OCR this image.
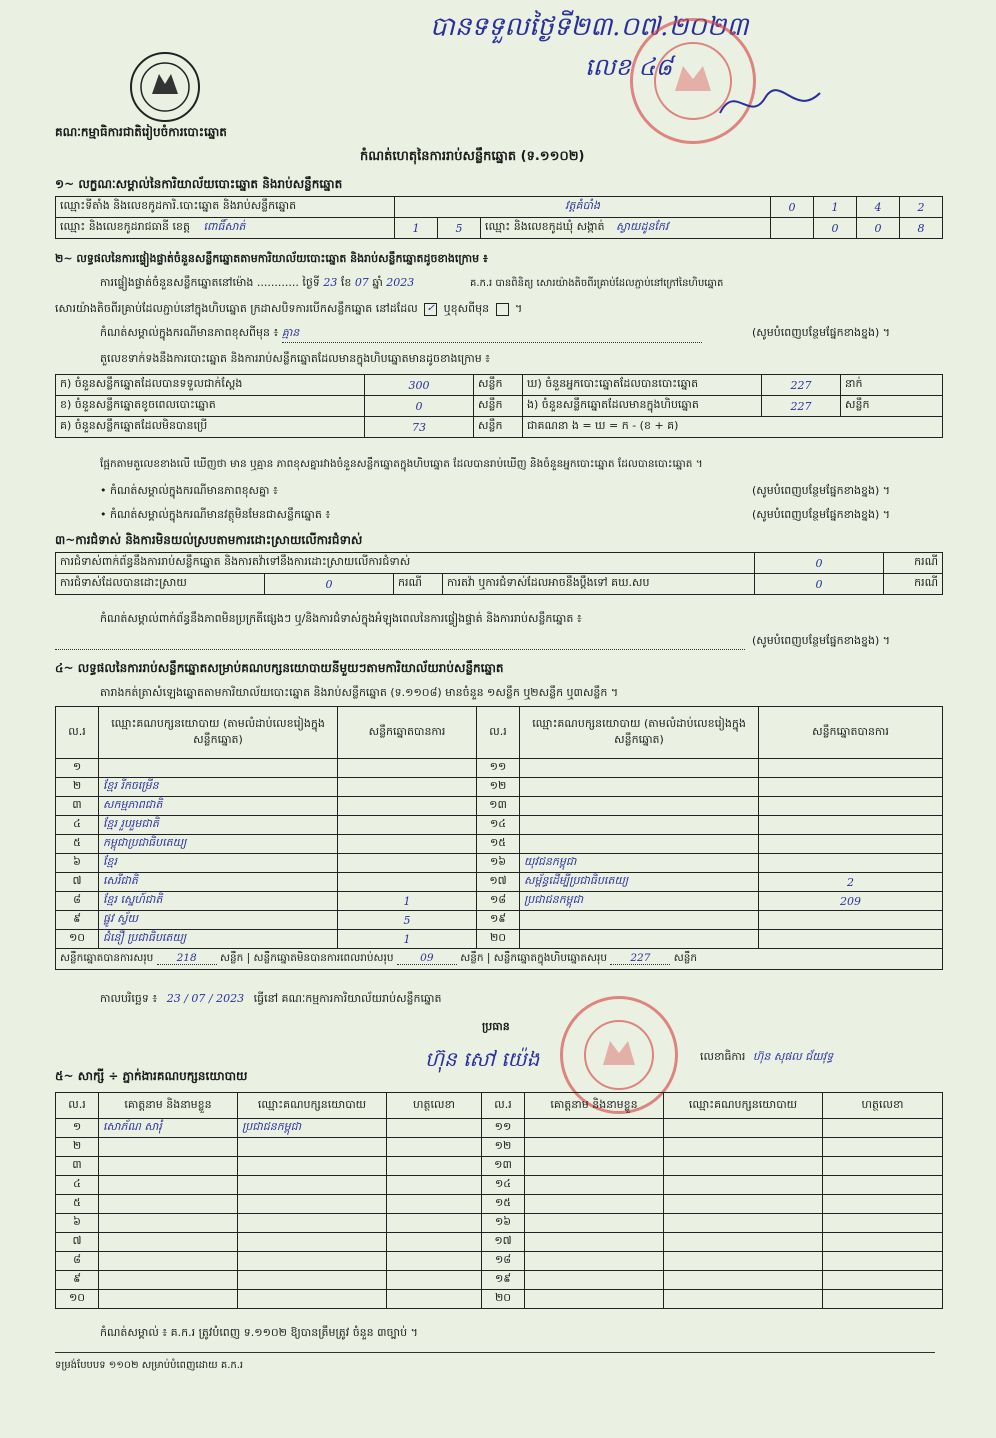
បានទទួលថ្ងៃទី២៣.០៧.២០២៣
លេខ ៤៨
គណៈកម្មាធិការជាតិរៀបចំការបោះឆ្នោត
កំណត់ហេតុនៃការរាប់សន្លឹកឆ្នោត (ទ.១១០២)
១~ លក្ខណៈសម្គាល់នៃការិយាល័យបោះឆ្នោត និងរាប់សន្លឹកឆ្នោត
ឈ្មោះទីតាំង និងលេខកូដការិ.បោះឆ្នោត និងរាប់សន្លឹកឆ្នោត	វត្តគំបាំង			0	1	4	2
ឈ្មោះ និងលេខកូដរាជធានី ខេត្ត ពោធិ៍សាត់	1	5	ឈ្មោះ និងលេខកូដឃុំ សង្កាត់ ស្វាយដូនកែវ		0	0	8
២~ លទ្ធផលនៃការផ្ទៀងផ្ទាត់ចំនួនសន្លឹកឆ្នោតតាមការិយាល័យបោះឆ្នោត និងរាប់សន្លឹកឆ្នោតដូចខាងក្រោម ៖
ការផ្ទៀងផ្ទាត់ចំនួនសន្លឹកឆ្នោតនៅម៉ោង ............ ថ្ងៃទី 23 ខែ 07 ឆ្នាំ 2023	គ.ក.រ បានពិនិត្យ សោរយ៉ាងតិចពីរគ្រាប់ដែលភ្ជាប់នៅក្រៅនៃហិបឆ្នោត
សោរយ៉ាងតិចពីរគ្រាប់ដែលភ្ជាប់នៅក្នុងហិបឆ្នោត ក្រដាសបិទការបើកសន្លឹកឆ្នោត នៅដដែល ✓ ឬខុសពីមុន  ។
កំណត់សម្គាល់ក្នុងករណីមានភាពខុសពីមុន ៖ គ្មាន	(សូមបំពេញបន្ថែមផ្នែកខាងខ្នង) ។
តួលេខទាក់ទងនឹងការបោះឆ្នោត និងការរាប់សន្លឹកឆ្នោតដែលមានក្នុងហិបឆ្នោតមានដូចខាងក្រោម ៖
ក) ចំនួនសន្លឹកឆ្នោតដែលបានទទួលជាក់ស្តែង	300	សន្លឹក	ឃ) ចំនួនអ្នកបោះឆ្នោតដែលបានបោះឆ្នោត	227	នាក់
ខ) ចំនួនសន្លឹកឆ្នោតខូចពេលបោះឆ្នោត	0	សន្លឹក	ង) ចំនួនសន្លឹកឆ្នោតដែលមានក្នុងហិបឆ្នោត	227	សន្លឹក
គ) ចំនួនសន្លឹកឆ្នោតដែលមិនបានប្រើ	73	សន្លឹក	ជាគណនា ង = ឃ = ក - (ខ + គ)		
ផ្អែកតាមតួលេខខាងលើ ឃើញថា មាន ឬគ្មាន ភាពខុសគ្នារវាងចំនួនសន្លឹកឆ្នោតក្នុងហិបឆ្នោត ដែលបានរាប់ឃើញ និងចំនួនអ្នកបោះឆ្នោត ដែលបានបោះឆ្នោត ។
• កំណត់សម្គាល់ក្នុងករណីមានភាពខុសគ្នា ៖	(សូមបំពេញបន្ថែមផ្នែកខាងខ្នង) ។
• កំណត់សម្គាល់ក្នុងករណីមានវត្ថុមិនមែនជាសន្លឹកឆ្នោត ៖	(សូមបំពេញបន្ថែមផ្នែកខាងខ្នង) ។
៣~ការជំទាស់ និងការមិនយល់ស្របតាមការដោះស្រាយលើការជំទាស់
ការជំទាស់ពាក់ព័ន្ធនឹងការរាប់សន្លឹកឆ្នោត និងការតវ៉ាទៅនឹងការដោះស្រាយលើការជំទាស់				0	ករណី
ការជំទាស់ដែលបានដោះស្រាយ	0	ករណី	ការតវ៉ា ឬការជំទាស់ដែលអាចនឹងប្តឹងទៅ គឃ.សប	0	ករណី
កំណត់សម្គាល់ពាក់ព័ន្ធនឹងភាពមិនប្រក្រតីផ្សេងៗ ឬ/និងការជំទាស់ក្នុងអំឡុងពេលនៃការផ្ទៀងផ្ទាត់ និងការរាប់សន្លឹកឆ្នោត ៖
(សូមបំពេញបន្ថែមផ្នែកខាងខ្នង) ។
៤~ លទ្ធផលនៃការរាប់សន្លឹកឆ្នោតសម្រាប់គណបក្សនយោបាយនីមួយៗតាមការិយាល័យរាប់សន្លឹកឆ្នោត
តារាងកត់ត្រាសំឡេងឆ្នោតតាមការិយាល័យបោះឆ្នោត និងរាប់សន្លឹកឆ្នោត (ទ.១១០៨) មានចំនួន ១សន្លឹក ឬ២សន្លឹក ឬ៣សន្លឹក ។
ល.រ	ឈ្មោះគណបក្សនយោបាយ (តាមលំដាប់លេខរៀងក្នុងសន្លឹកឆ្នោត)	សន្លឹកឆ្នោតបានការ	ល.រ	ឈ្មោះគណបក្សនយោបាយ (តាមលំដាប់លេខរៀងក្នុងសន្លឹកឆ្នោត)	សន្លឹកឆ្នោតបានការ
១			១១		
២	ខ្មែរ រីកចម្រើន		១២		
៣	សកម្មភាពជាតិ		១៣		
៤	ខ្មែរ រួបរួមជាតិ		១៤		
៥	កម្ពុជាប្រជាធិបតេយ្យ		១៥		
៦	ខ្មែរ		១៦	យុវជនកម្ពុជា	
៧	សេរីជាតិ		១៧	សម្ព័ន្ធដើម្បីប្រជាធិបតេយ្យ	2
៨	ខ្មែរ ស្នេហ៍ជាតិ	1	១៨	ប្រជាជនកម្ពុជា	209
៩	ផ្លូវ ស្វ័យ	5	១៩		
១០	ជំនឿ ប្រជាធិបតេយ្យ	1	២០		
សន្លឹកឆ្នោតបានការសរុប 218 សន្លឹក | សន្លឹកឆ្នោតមិនបានការពេលរាប់សរុប 09 សន្លឹក | សន្លឹកឆ្នោតក្នុងហិបឆ្នោតសរុប 227 សន្លឹក					
កាលបរិច្ឆេទ ៖ 23 / 07 / 2023 ធ្វើនៅ គណៈកម្មការការិយាល័យរាប់សន្លឹកឆ្នោត
ប្រធាន
ហ៊ុន សៅ យ៉េង	លេខាធិការ ហ៊ុន សុផល ជ័យវុទ្ធ
៥~ សាក្សី ÷ ភ្នាក់ងារគណបក្សនយោបាយ
ល.រ	គោត្តនាម និងនាមខ្លួន	ឈ្មោះគណបក្សនយោបាយ	ហត្ថលេខា	ល.រ	គោត្តនាម និងនាមខ្លួន	ឈ្មោះគណបក្សនយោបាយ	ហត្ថលេខា
១	សោភ័ណ សារុំ	ប្រជាជនកម្ពុជា		១១			
២				១២			
៣				១៣			
៤				១៤			
៥				១៥			
៦				១៦			
៧				១៧			
៨				១៨			
៩				១៩			
១០				២០			
កំណត់សម្គាល់ ៖ គ.ក.រ ត្រូវបំពេញ ទ.១១០២ ឱ្យបានត្រឹមត្រូវ ចំនួន ៣ច្បាប់ ។
ទម្រង់បែបបទ ១១០២ សម្រាប់បំពេញដោយ គ.ក.រ
